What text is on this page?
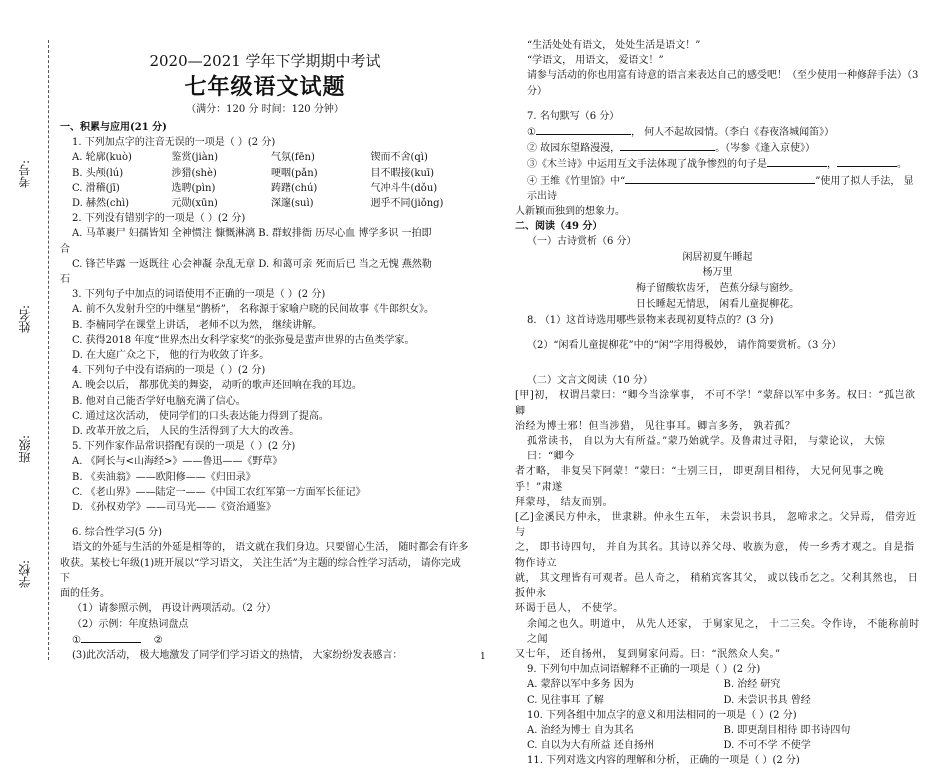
考号:
姓名:
班级:
学校:
2020—2021 学年下学期期中考试
七年级语文试题
（满分：120 分 时间：120 分钟）
一、积累与应用(21 分)
1. 下列加点字的注音无误的一项是（ ）(2 分)
A. 轮廓(kuò)	鉴赏(jiàn)	气氛(fēn)	锲而不舍(qì)
B. 头颅(lú)	涉猎(shè)	哽咽(pǎn)	目不暇接(kuī)
C. 滑稽(jī)	选聘(pìn)	踌躇(chú)	气冲斗牛(dǒu)
D. 赫然(chì)	元勋(xūn)	深邃(suì)	迥乎不同(jiǒng)
2. 下列没有错别字的一项是（ ）(2 分)
A. 马革裹尸 妇孺皆知 全神惯注 慷慨淋漓 B. 群蚁排衙 历尽心血 博学多识 一拍即
合
C. 锋芒毕露 一返既往 心会神凝 杂乱无章 D. 和蔼可亲 死而后已 当之无愧 燕然勒
石
3. 下列句子中加点的词语使用不正确的一项是（ ）(2 分)
A. 前不久发射升空的中继星“鹊桥”， 名称源于家喻户晓的民间故事《牛郎织女》。
B. 李楠同学在课堂上讲话， 老师不以为然， 继续讲解。
C. 获得2018 年度“世界杰出女科学家奖”的张弥曼是蜚声世界的古鱼类学家。
D. 在大庭广众之下， 他的行为收敛了许多。
4. 下列句子中没有语病的一项是（ ）(2 分)
A. 晚会以后， 都那优美的舞姿， 动听的歌声还回响在我的耳边。
B. 他对自己能否学好电脑充满了信心。
C. 通过这次活动， 使同学们的口头表达能力得到了提高。
D. 改革开放之后， 人民的生活得到了大大的改善。
5. 下列作家作品常识搭配有误的一项是（ ）(2 分)
A. 《阿长与<山海经>》——鲁迅——《野草》
B. 《卖油翁》——欧阳修——《归田录》
C. 《老山界》——陆定一——《中国工农红军第一方面军长征记》
D. 《孙权劝学》——司马光——《资治通鉴》
6. 综合性学习(5 分)
语文的外延与生活的外延是相等的， 语文就在我们身边。只要留心生活， 随时都会有许多
收获。某校七年级(1)班开展以“学习语文， 关注生活”为主题的综合性学习活动， 请你完成下
面的任务。
（1）请参照示例， 再设计两项活动。（2 分）
（2）示例：年度热词盘点
①	②
(3)此次活动， 极大地激发了同学们学习语文的热情， 大家纷纷发表感言：
“生活处处有语文， 处处生活是语文！”
“学语文， 用语文， 爱语文！”
请参与活动的你也用富有诗意的语言来表达自己的感受吧！（至少使用一种修辞手法）（3 分）
7. 名句默写（6 分）
①	， 何人不起故园情。（李白《春夜洛城闻笛》）
② 故园东望路漫漫，	。（岑参《逢入京使》）
③《木兰诗》中运用互文手法体现了战争惨烈的句子是	，	。
④ 王维《竹里馆》中“	”使用了拟人手法， 显示出诗
人新颖而独到的想象力。
二、阅读（49 分）
（一）古诗赏析（6 分）
闲居初夏午睡起
杨万里
梅子留酸软齿牙， 芭蕉分绿与窗纱。
日长睡起无情思， 闲看儿童捉柳花。
8. （1）这首诗选用哪些景物来表现初夏特点的？(3 分)
（2）“闲看儿童捉柳花”中的“闲”字用得极妙， 请作简要赏析。（3 分）
（二）文言文阅读（10 分）
[甲]初， 权谓吕蒙曰：“卿今当涂掌事， 不可不学！”蒙辞以军中多务。权曰：“孤岂欲卿
治经为博士邪！但当涉猎， 见往事耳。卿言多务， 孰若孤？
孤常读书， 自以为大有所益。”蒙乃始就学。及鲁肃过寻阳， 与蒙论议， 大惊曰：“卿今
者才略， 非复吴下阿蒙！”蒙曰：“士别三日， 即更刮目相待， 大兄何见事之晚乎！”肃遂
拜蒙母， 结友而别。
[乙]金溪民方仲永， 世隶耕。仲永生五年， 未尝识书具， 忽啼求之。父异焉， 借旁近与
之， 即书诗四句， 并自为其名。其诗以养父母、收族为意， 传一乡秀才观之。自是指物作诗立
就， 其文理皆有可观者。邑人奇之， 稍稍宾客其父， 或以钱币乞之。父利其然也， 日扳仲永
环谒于邑人， 不使学。
余闻之也久。明道中， 从先人还家， 于舅家见之， 十二三矣。令作诗， 不能称前时之闻
又七年， 还自扬州， 复到舅家问焉。曰：“泯然众人矣。”
9. 下列句中加点词语解释不正确的一项是（ ）(2 分)
A. 蒙辞以军中多务 因为	B. 治经 研究
C. 见往事耳 了解	D. 未尝识书具 曾经
10. 下列各组中加点字的意义和用法相同的一项是（ ）(2 分)
A. 治经为博士 自为其名	B. 即更刮目相待 即书诗四句
C. 自以为大有所益 还自扬州	D. 不可不学 不使学
11. 下列对选文内容的理解和分析， 正确的一项是（ ）(2 分)
1
